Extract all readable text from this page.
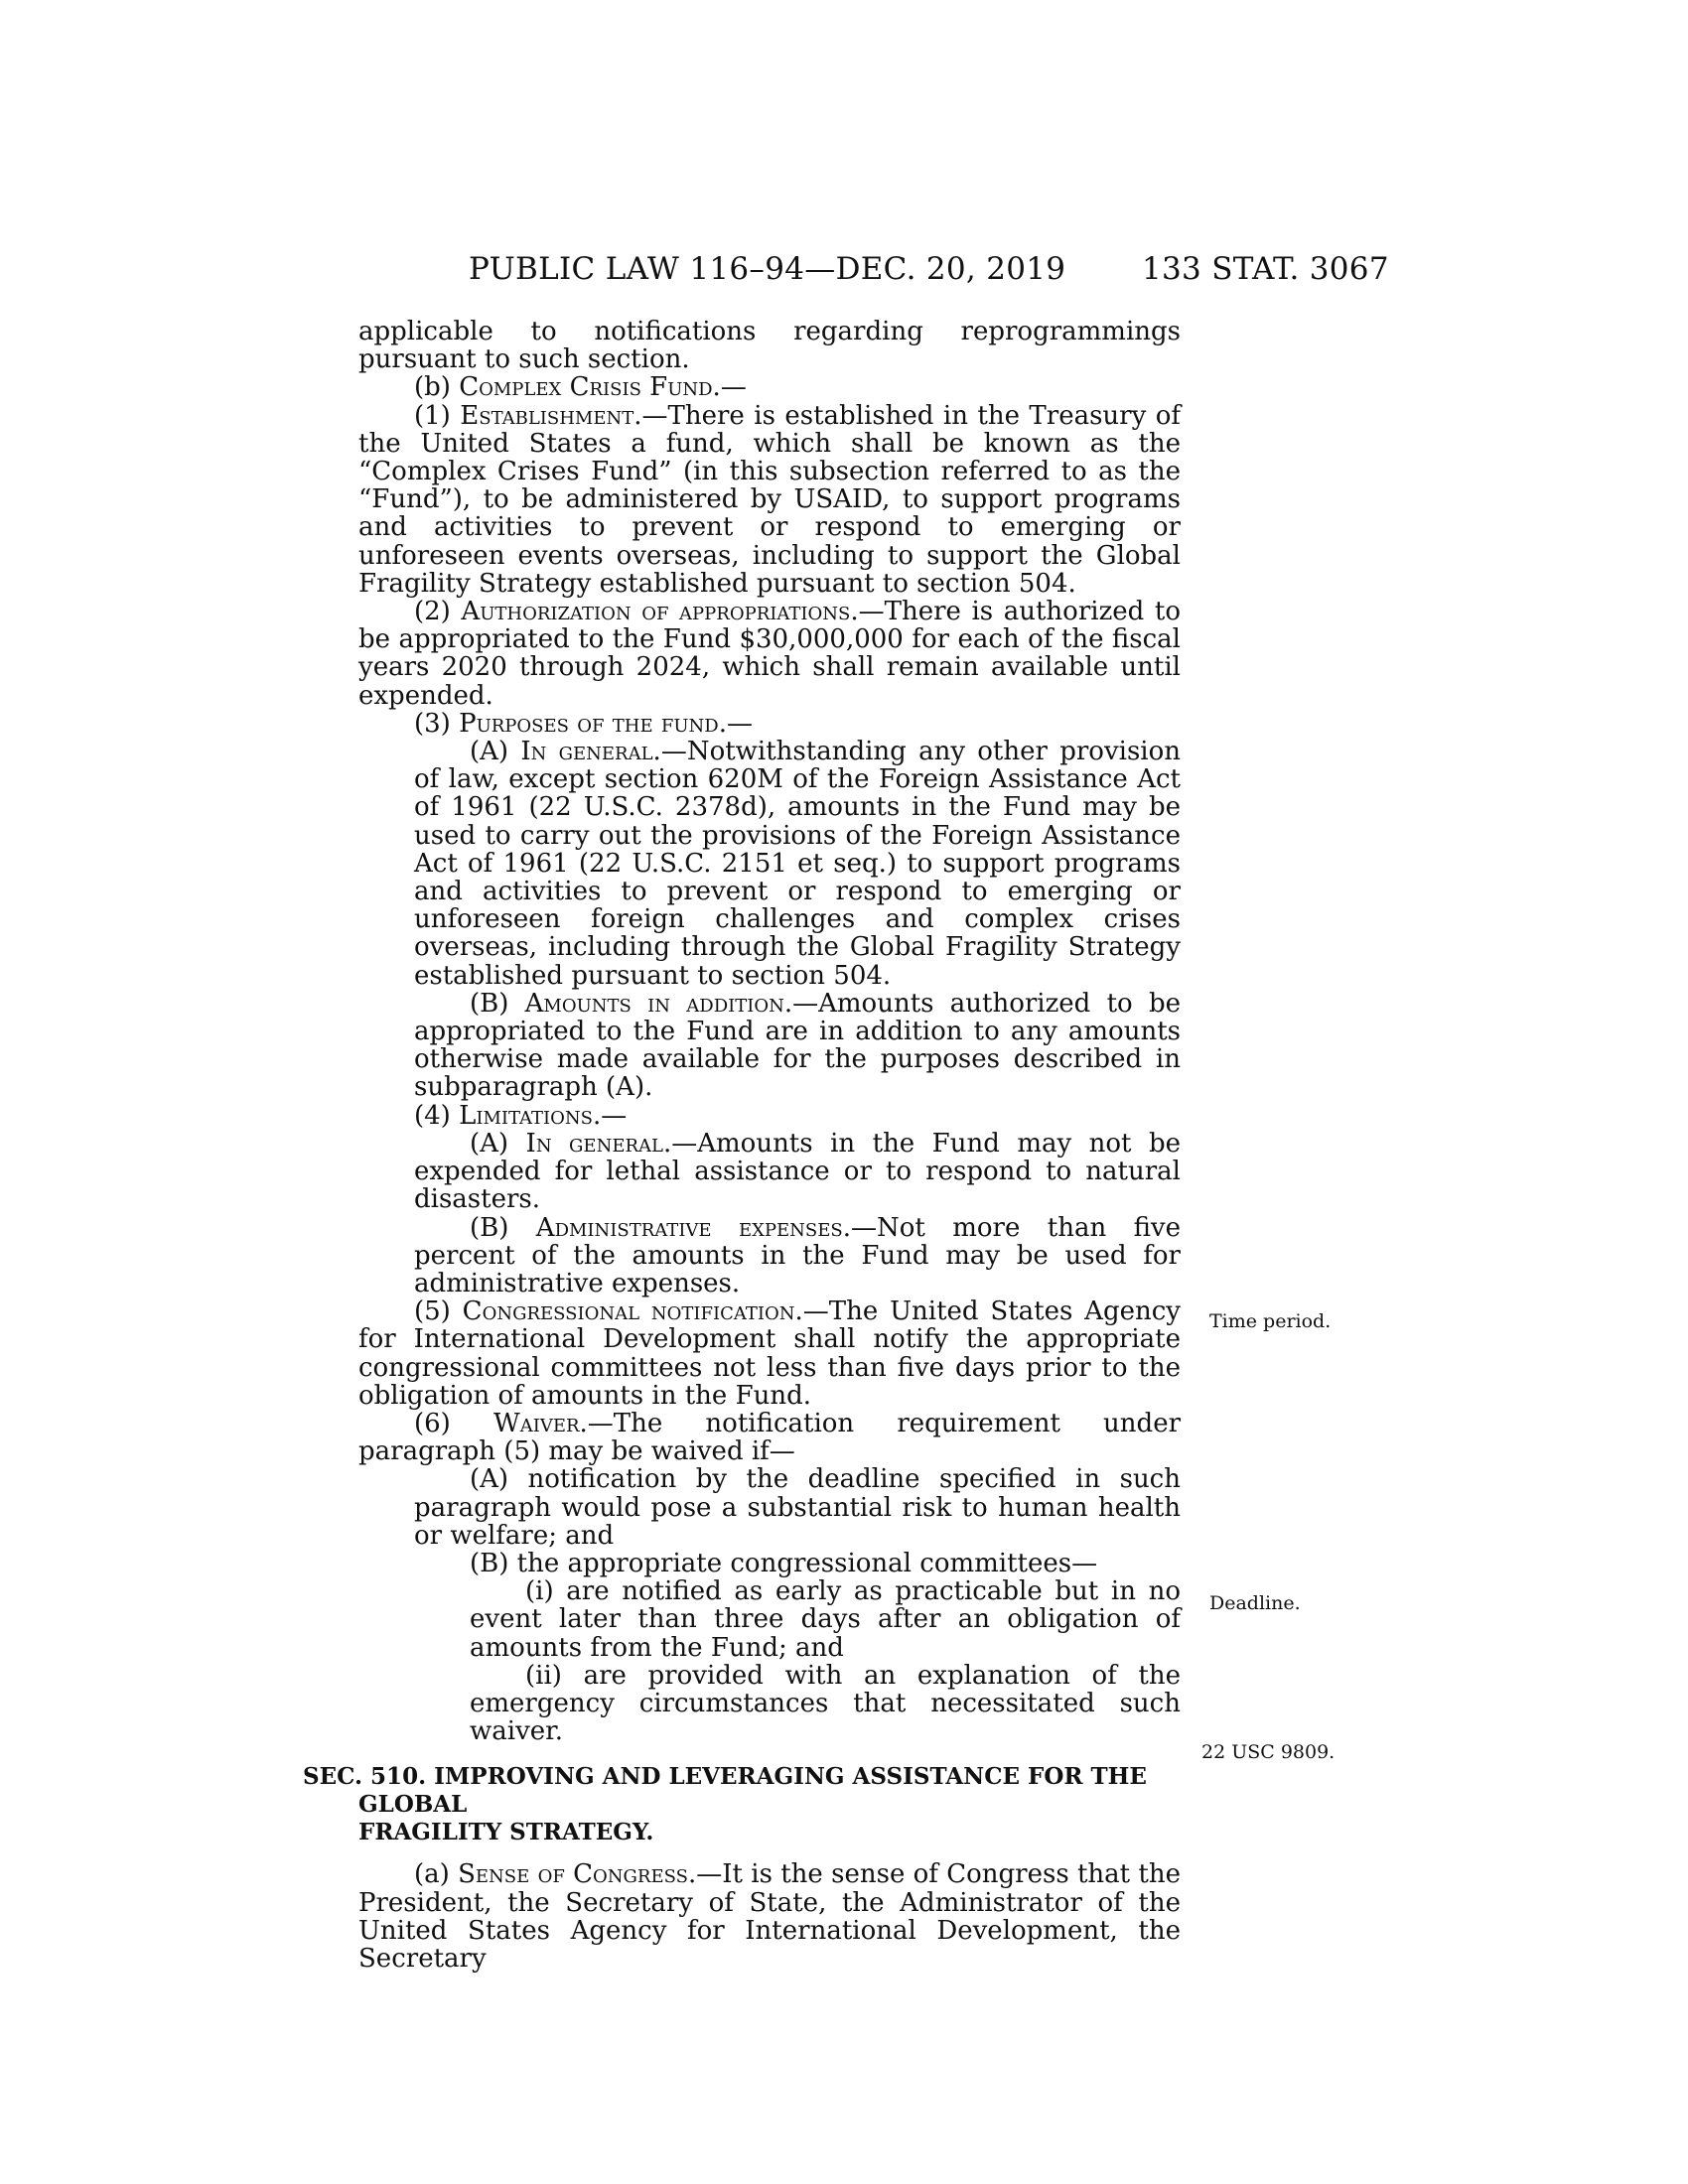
PUBLIC LAW 116–94—DEC. 20, 2019 133 STAT. 3067

applicable to notifications regarding reprogrammings pursuant to such section.

(b) Complex Crisis Fund.—

(1) Establishment.—There is established in the Treasury of the United States a fund, which shall be known as the “Complex Crises Fund” (in this subsection referred to as the “Fund”), to be administered by USAID, to support programs and activities to prevent or respond to emerging or unforeseen events overseas, including to support the Global Fragility Strategy established pursuant to section 504.

(2) Authorization of appropriations.—There is authorized to be appropriated to the Fund $30,000,000 for each of the fiscal years 2020 through 2024, which shall remain available until expended.

(3) Purposes of the fund.—

(A) In general.—Notwithstanding any other provision of law, except section 620M of the Foreign Assistance Act of 1961 (22 U.S.C. 2378d), amounts in the Fund may be used to carry out the provisions of the Foreign Assistance Act of 1961 (22 U.S.C. 2151 et seq.) to support programs and activities to prevent or respond to emerging or unforeseen foreign challenges and complex crises overseas, including through the Global Fragility Strategy established pursuant to section 504.

(B) Amounts in addition.—Amounts authorized to be appropriated to the Fund are in addition to any amounts otherwise made available for the purposes described in subparagraph (A).

(4) Limitations.—

(A) In general.—Amounts in the Fund may not be expended for lethal assistance or to respond to natural disasters.

(B) Administrative expenses.—Not more than five percent of the amounts in the Fund may be used for administrative expenses.

(5) Congressional notification.—The United States Agency for International Development shall notify the appropriate congressional committees not less than five days prior to the obligation of amounts in the Fund.

(6) Waiver.—The notification requirement under paragraph (5) may be waived if—

(A) notification by the deadline specified in such paragraph would pose a substantial risk to human health or welfare; and

(B) the appropriate congressional committees—

(i) are notified as early as practicable but in no event later than three days after an obligation of amounts from the Fund; and

(ii) are provided with an explanation of the emergency circumstances that necessitated such waiver.

SEC. 510. IMPROVING AND LEVERAGING ASSISTANCE FOR THE GLOBAL
FRAGILITY STRATEGY.

(a) Sense of Congress.—It is the sense of Congress that the President, the Secretary of State, the Administrator of the United States Agency for International Development, the Secretary

Time period.
Deadline.
22 USC 9809.
